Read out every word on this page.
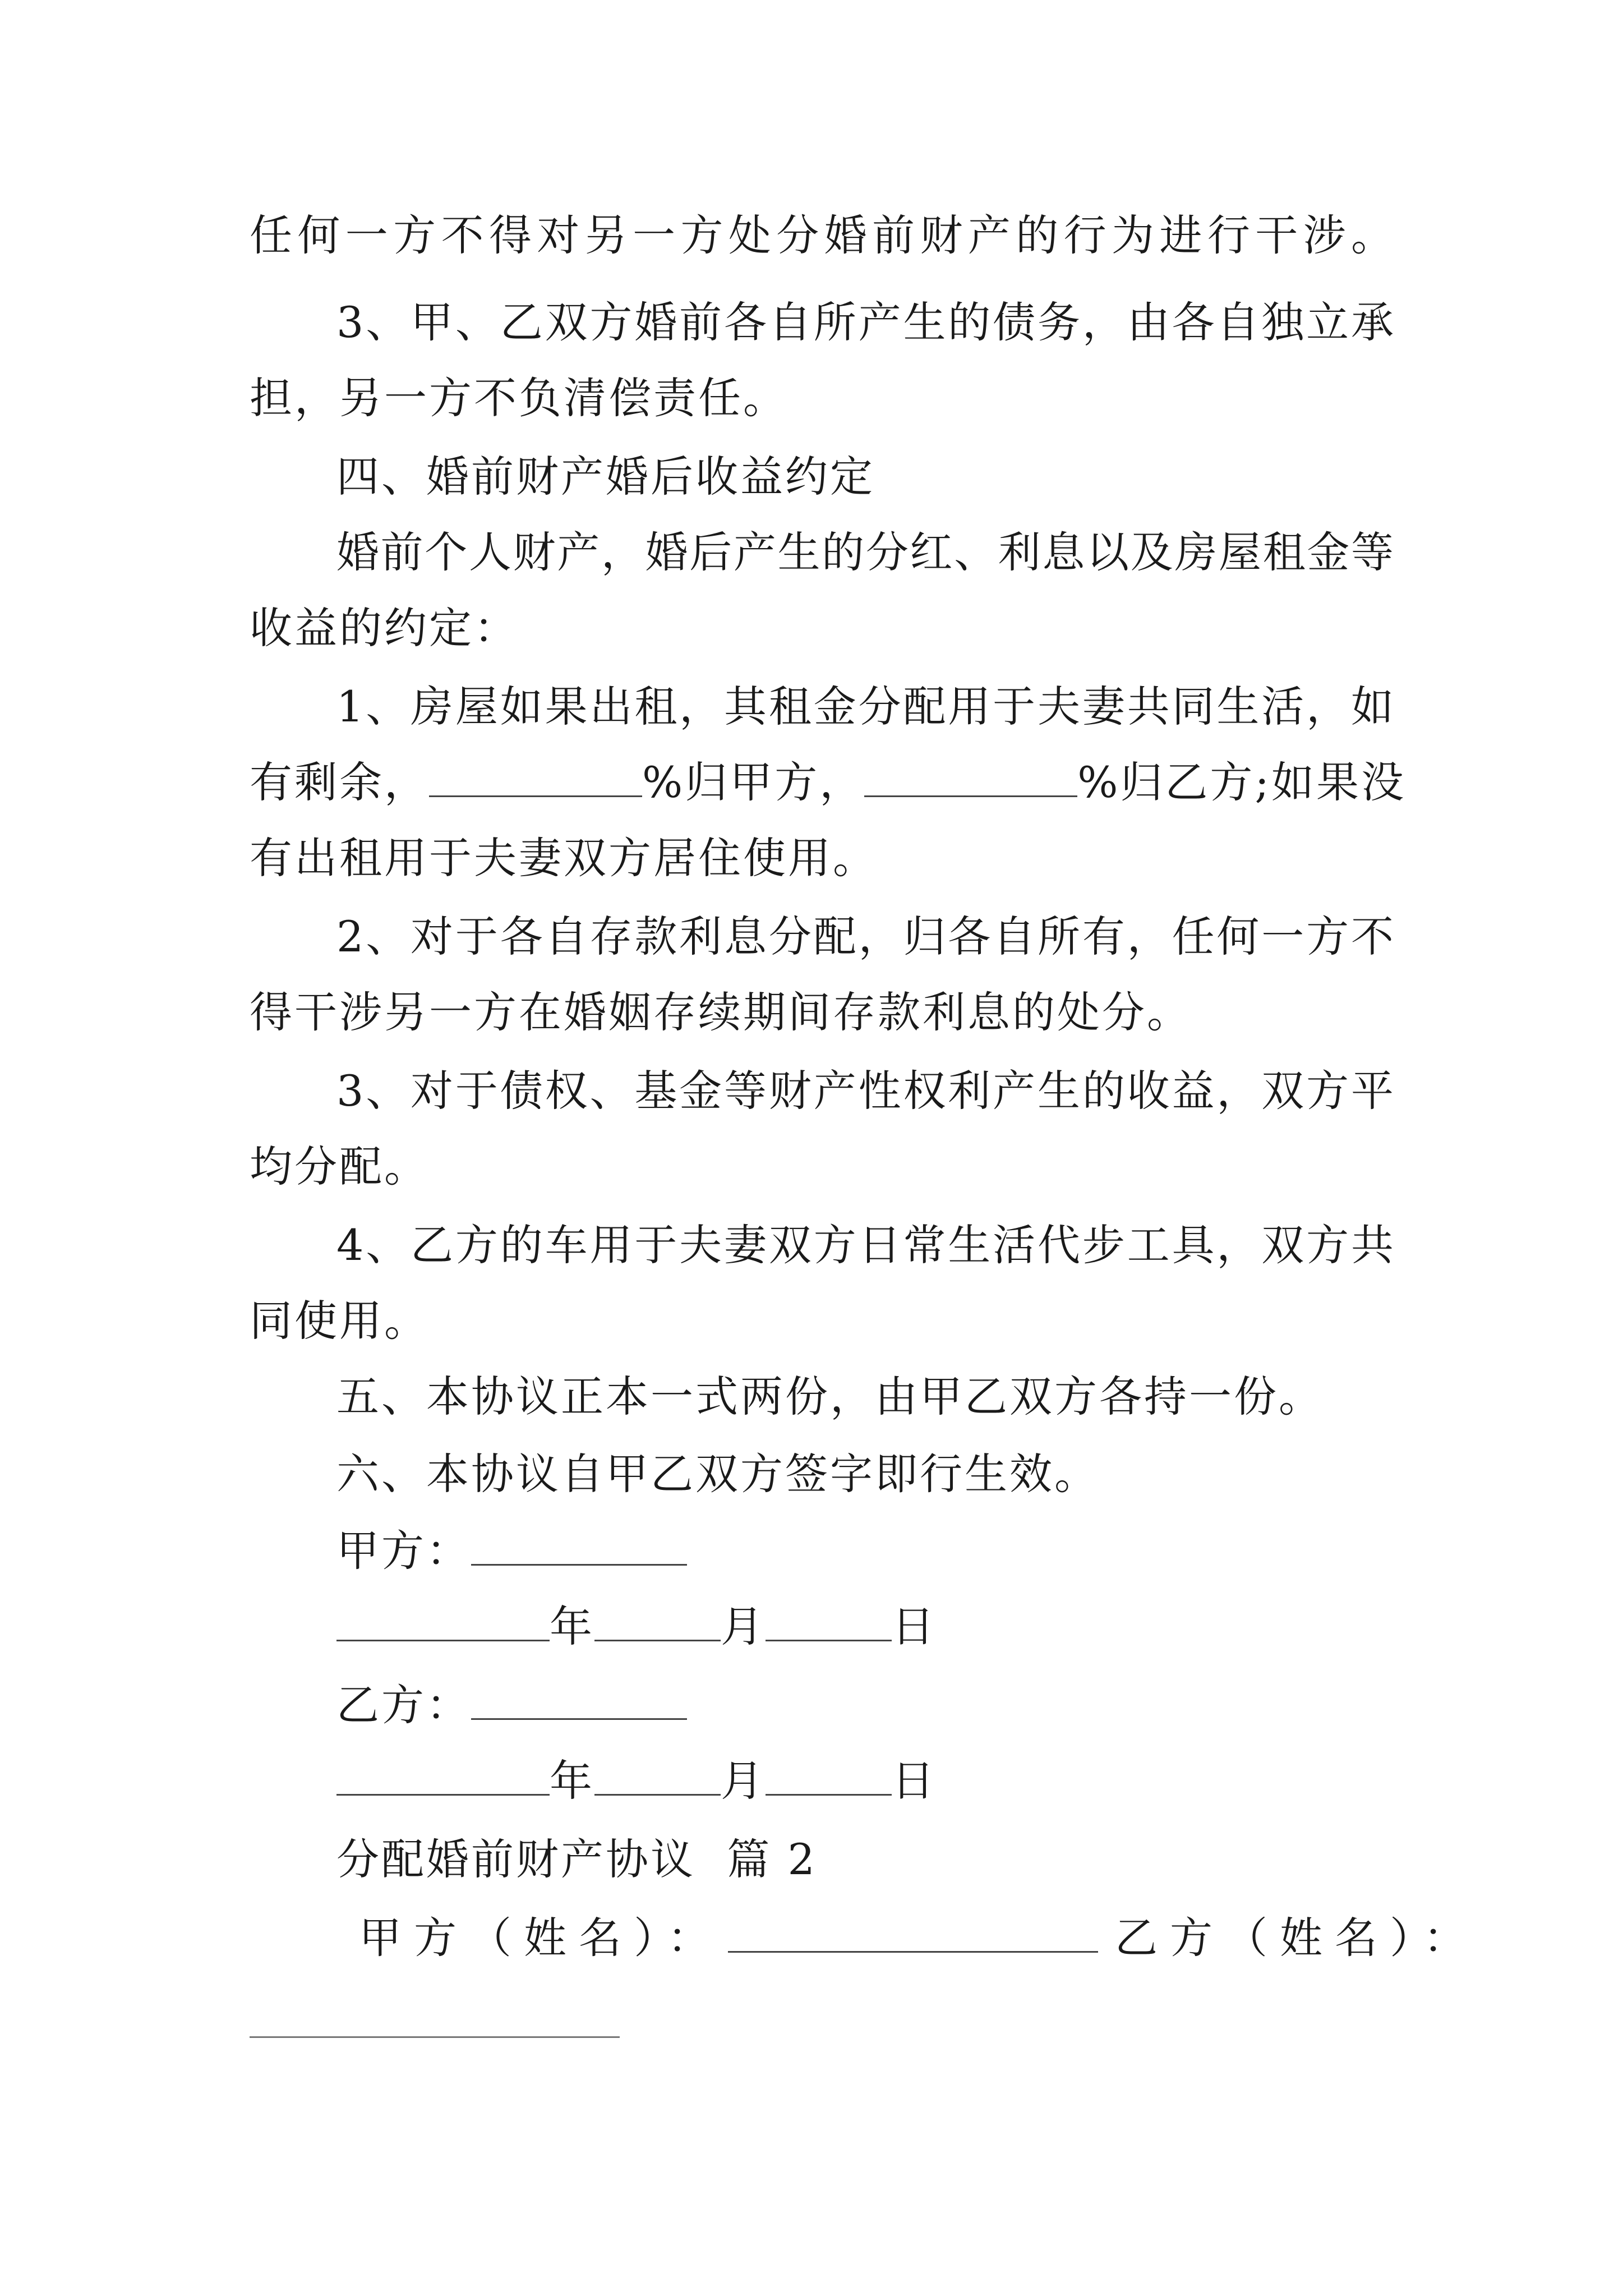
任何一方不得对另一方处分婚前财产的行为进行干涉。
3、甲、乙双方婚前各自所产生的债务，由各自独立承
担，另一方不负清偿责任。
四、婚前财产婚后收益约定
婚前个人财产，婚后产生的分红、利息以及房屋租金等
收益的约定：
1、房屋如果出租，其租金分配用于夫妻共同生活，如
有剩余，	%归甲方，	%归乙方;如果没
有出租用于夫妻双方居住使用。
2、对于各自存款利息分配，归各自所有，任何一方不
得干涉另一方在婚姻存续期间存款利息的处分。
3、对于债权、基金等财产性权利产生的收益，双方平
均分配。
4、乙方的车用于夫妻双方日常生活代步工具，双方共
同使用。
五、本协议正本一式两份，由甲乙双方各持一份。
六、本协议自甲乙双方签字即行生效。
甲方：
年	月	日
乙方：
年	月	日
分配婚前财产协议 篇 2
甲方（姓名）：	乙方（姓名）：
